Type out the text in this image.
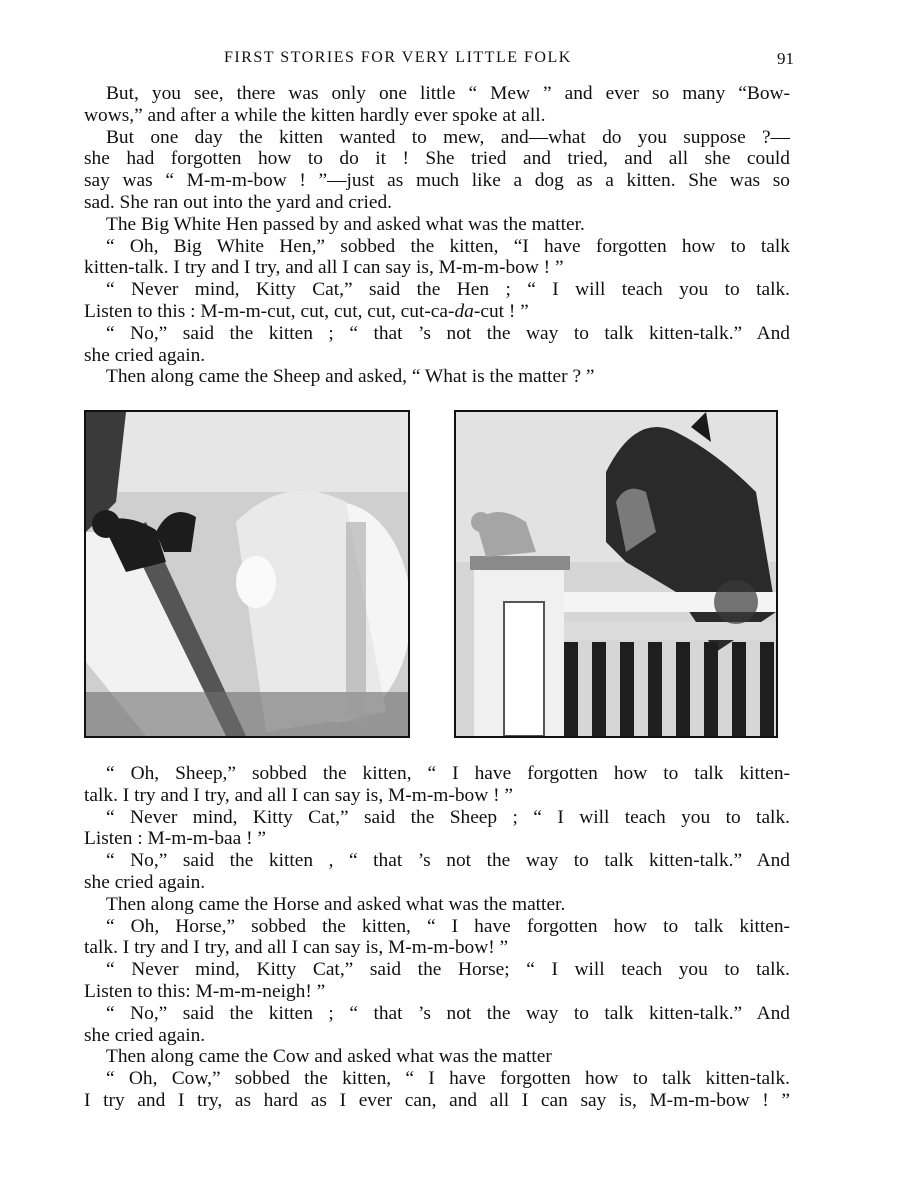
FIRST STORIES FOR VERY LITTLE FOLK	91
But, you see, there was only one little “ Mew ” and ever so many “Bow-
wows,” and after a while the kitten hardly ever spoke at all.
But one day the kitten wanted to mew, and—what do you suppose ?—
she had forgotten how to do it ! She tried and tried, and all she could
say was “ M-m-m-bow ! ”—just as much like a dog as a kitten. She was so
sad. She ran out into the yard and cried.
The Big White Hen passed by and asked what was the matter.
“ Oh, Big White Hen,” sobbed the kitten, “I have forgotten how to talk
kitten-talk. I try and I try, and all I can say is, M-m-m-bow ! ”
“ Never mind, Kitty Cat,” said the Hen ; “ I will teach you to talk.
Listen to this : M-m-m-cut, cut, cut, cut, cut-ca-da-cut ! ”
“ No,” said the kitten ; “ that ’s not the way to talk kitten-talk.” And
she cried again.
Then along came the Sheep and asked, “ What is the matter ? ”
“ Oh, Sheep,” sobbed the kitten, “ I have forgotten how to talk kitten-
talk. I try and I try, and all I can say is, M-m-m-bow ! ”
“ Never mind, Kitty Cat,” said the Sheep ; “ I will teach you to talk.
Listen : M-m-m-baa ! ”
“ No,” said the kitten , “ that ’s not the way to talk kitten-talk.” And
she cried again.
Then along came the Horse and asked what was the matter.
“ Oh, Horse,” sobbed the kitten, “ I have forgotten how to talk kitten-
talk. I try and I try, and all I can say is, M-m-m-bow! ”
“ Never mind, Kitty Cat,” said the Horse; “ I will teach you to talk.
Listen to this: M-m-m-neigh! ”
“ No,” said the kitten ; “ that ’s not the way to talk kitten-talk.” And
she cried again.
Then along came the Cow and asked what was the matter
“ Oh, Cow,” sobbed the kitten, “ I have forgotten how to talk kitten-talk.
I try and I try, as hard as I ever can, and all I can say is, M-m-m-bow ! ”
